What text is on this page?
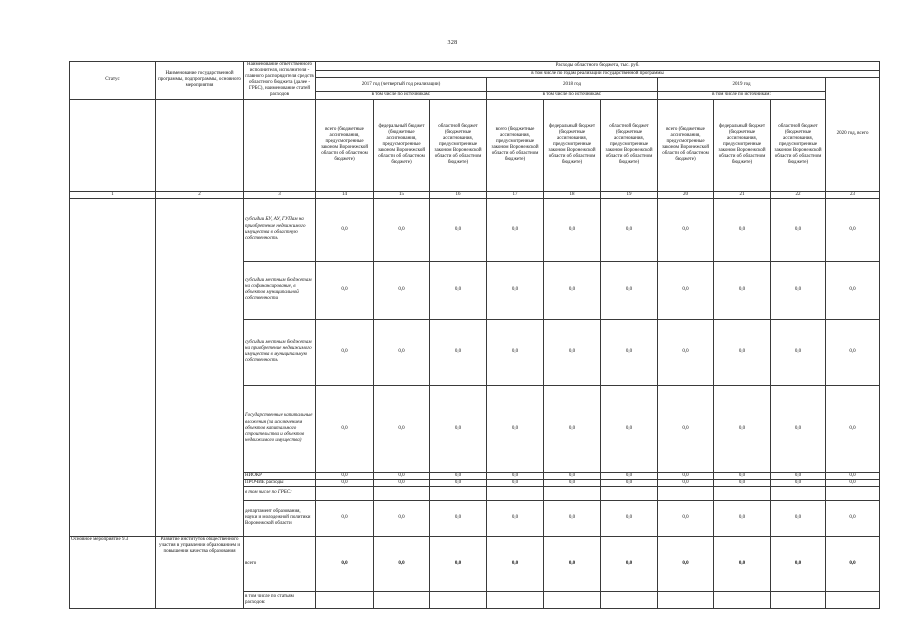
328
Статус	Наименование государственной программы, подпрограммы, основного мероприятия	Наименование ответственного исполнителя, исполнителя - главного распорядителя средств областного бюджета (далее - ГРБС), наименование статей расходов	Расходы областного бюджета, тыс. руб.									
			в том числе по годам реализации государственной программы									
			2017 год (четвертый год реализации)			2018 год			2019 год			2020 год, всего
			в том числе по источникам:			в том числе по источникам:			в том числе по источникам:			
			всего (бюджетные ассигнования, предусмотренные законом Воронежской области об областном бюджете)	федеральный бюджет (бюджетные ассигнования, предусмотренные законом Воронежской области об областном бюджете)	областной бюджет (бюджетные ассигнования, предусмотренные законом Воронежской области об областном бюджете)	всего (бюджетные ассигнования, предусмотренные законом Воронежской области об областном бюджете)	федеральный бюджет (бюджетные ассигнования, предусмотренные законом Воронежской области об областном бюджете)	областной бюджет (бюджетные ассигнования, предусмотренные законом Воронежской области об областном бюджете)	всего (бюджетные ассигнования, предусмотренные законом Воронежской области об областном бюджете)	федеральный бюджет (бюджетные ассигнования, предусмотренные законом Воронежской области об областном бюджете)	областной бюджет (бюджетные ассигнования, предусмотренные законом Воронежской области об областном бюджете)	
1	2	3	14	15	16	17	18	19	20	21	22	23
		субсидии БУ, АУ, ГУПам на приобретение недвижимого имущества в областную собственность	0,0	0,0	0,0	0,0	0,0	0,0	0,0	0,0	0,0	0,0
		субсидии местным бюджетам на софинансирование, в объектов муниципальной собственности	0,0	0,0	0,0	0,0	0,0	0,0	0,0	0,0	0,0	0,0
		субсидии местным бюджетам на приобретение недвижимого имущества в муниципальную собственность	0,0	0,0	0,0	0,0	0,0	0,0	0,0	0,0	0,0	0,0
		Государственные капитальные вложения (за исключением объектов капитального строительства и объектов недвижимого имущества)	0,0	0,0	0,0	0,0	0,0	0,0	0,0	0,0	0,0	0,0
		НИОКР	0,0	0,0	0,0	0,0	0,0	0,0	0,0	0,0	0,0	0,0
		ПРОЧИЕ расходы	0,0	0,0	0,0	0,0	0,0	0,0	0,0	0,0	0,0	0,0
		в том числе по ГРБС:										
		департамент образования, науки и молодежной политики Воронежской области	0,0	0,0	0,0	0,0	0,0	0,0	0,0	0,0	0,0	0,0
Основное мероприятие 9.3	Развитие институтов общественного участия в управлении образованием и повышении качества образования	всего	0,0	0,0	0,0	0,0	0,0	0,0	0,0	0,0	0,0	0,0
		в том числе по статьям расходов:										
